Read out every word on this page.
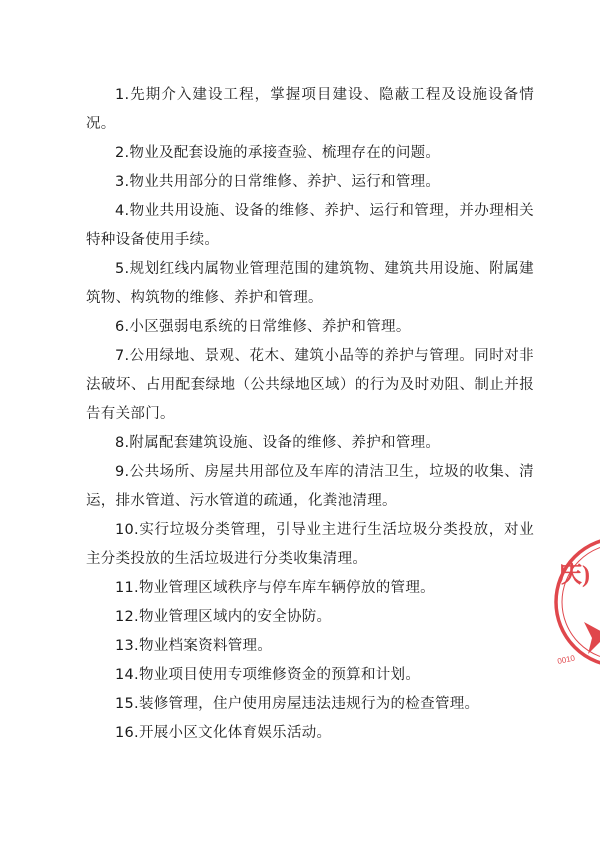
1.先期介入建设工程，掌握项目建设、隐蔽工程及设施设备情况。

2.物业及配套设施的承接查验、梳理存在的问题。

3.物业共用部分的日常维修、养护、运行和管理。

4.物业共用设施、设备的维修、养护、运行和管理，并办理相关特种设备使用手续。

5.规划红线内属物业管理范围的建筑物、建筑共用设施、附属建筑物、构筑物的维修、养护和管理。

6.小区强弱电系统的日常维修、养护和管理。

7.公用绿地、景观、花木、建筑小品等的养护与管理。同时对非法破坏、占用配套绿地（公共绿地区域）的行为及时劝阻、制止并报告有关部门。

8.附属配套建筑设施、设备的维修、养护和管理。

9.公共场所、房屋共用部位及车库的清洁卫生，垃圾的收集、清运，排水管道、污水管道的疏通，化粪池清理。

10.实行垃圾分类管理，引导业主进行生活垃圾分类投放，对业主分类投放的生活垃圾进行分类收集清理。

11.物业管理区域秩序与停车库车辆停放的管理。

12.物业管理区域内的安全协防。

13.物业档案资料管理。

14.物业项目使用专项维修资金的预算和计划。

15.装修管理，住户使用房屋违法违规行为的检查管理。

16.开展小区文化体育娱乐活动。

庆)
0010
